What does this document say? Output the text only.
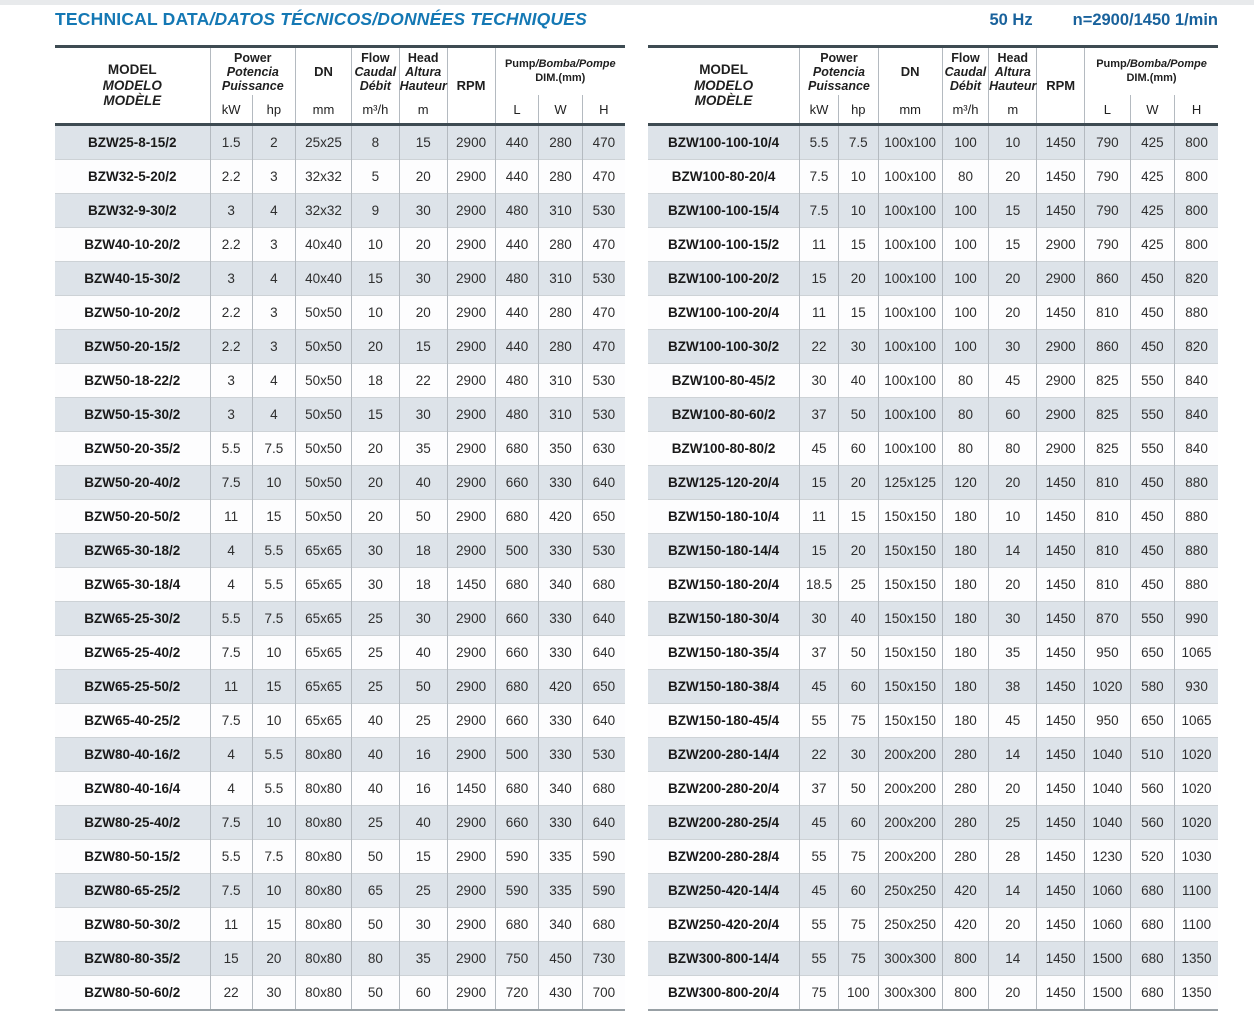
TECHNICAL DATA/DATOS TÉCNICOS/DONNÉES TECHNIQUES	50 Hz n=2900/1450 1/min
MODEL
MODELO
MODÈLE	Power
Potencia
Puissance		DN	Flow
Caudal
Débit	Head
Altura
Hauteur	RPM	Pump/Bomba/Pompe
DIM.(mm)		

	kW	hp	mm	m³/h	m		L	W	H
BZW25-8-15/2	1.5	2	25x25	8	15	2900	440	280	470
BZW32-5-20/2	2.2	3	32x32	5	20	2900	440	280	470
BZW32-9-30/2	3	4	32x32	9	30	2900	480	310	530
BZW40-10-20/2	2.2	3	40x40	10	20	2900	440	280	470
BZW40-15-30/2	3	4	40x40	15	30	2900	480	310	530
BZW50-10-20/2	2.2	3	50x50	10	20	2900	440	280	470
BZW50-20-15/2	2.2	3	50x50	20	15	2900	440	280	470
BZW50-18-22/2	3	4	50x50	18	22	2900	480	310	530
BZW50-15-30/2	3	4	50x50	15	30	2900	480	310	530
BZW50-20-35/2	5.5	7.5	50x50	20	35	2900	680	350	630
BZW50-20-40/2	7.5	10	50x50	20	40	2900	660	330	640
BZW50-20-50/2	11	15	50x50	20	50	2900	680	420	650
BZW65-30-18/2	4	5.5	65x65	30	18	2900	500	330	530
BZW65-30-18/4	4	5.5	65x65	30	18	1450	680	340	680
BZW65-25-30/2	5.5	7.5	65x65	25	30	2900	660	330	640
BZW65-25-40/2	7.5	10	65x65	25	40	2900	660	330	640
BZW65-25-50/2	11	15	65x65	25	50	2900	680	420	650
BZW65-40-25/2	7.5	10	65x65	40	25	2900	660	330	640
BZW80-40-16/2	4	5.5	80x80	40	16	2900	500	330	530
BZW80-40-16/4	4	5.5	80x80	40	16	1450	680	340	680
BZW80-25-40/2	7.5	10	80x80	25	40	2900	660	330	640
BZW80-50-15/2	5.5	7.5	80x80	50	15	2900	590	335	590
BZW80-65-25/2	7.5	10	80x80	65	25	2900	590	335	590
BZW80-50-30/2	11	15	80x80	50	30	2900	680	340	680
BZW80-80-35/2	15	20	80x80	80	35	2900	750	450	730
BZW80-50-60/2	22	30	80x80	50	60	2900	720	430	700
MODEL
MODELO
MODÈLE	Power
Potencia
Puissance		DN	Flow
Caudal
Débit	Head
Altura
Hauteur	RPM	Pump/Bomba/Pompe
DIM.(mm)		

	kW	hp	mm	m³/h	m		L	W	H
BZW100-100-10/4	5.5	7.5	100x100	100	10	1450	790	425	800
BZW100-80-20/4	7.5	10	100x100	80	20	1450	790	425	800
BZW100-100-15/4	7.5	10	100x100	100	15	1450	790	425	800
BZW100-100-15/2	11	15	100x100	100	15	2900	790	425	800
BZW100-100-20/2	15	20	100x100	100	20	2900	860	450	820
BZW100-100-20/4	11	15	100x100	100	20	1450	810	450	880
BZW100-100-30/2	22	30	100x100	100	30	2900	860	450	820
BZW100-80-45/2	30	40	100x100	80	45	2900	825	550	840
BZW100-80-60/2	37	50	100x100	80	60	2900	825	550	840
BZW100-80-80/2	45	60	100x100	80	80	2900	825	550	840
BZW125-120-20/4	15	20	125x125	120	20	1450	810	450	880
BZW150-180-10/4	11	15	150x150	180	10	1450	810	450	880
BZW150-180-14/4	15	20	150x150	180	14	1450	810	450	880
BZW150-180-20/4	18.5	25	150x150	180	20	1450	810	450	880
BZW150-180-30/4	30	40	150x150	180	30	1450	870	550	990
BZW150-180-35/4	37	50	150x150	180	35	1450	950	650	1065
BZW150-180-38/4	45	60	150x150	180	38	1450	1020	580	930
BZW150-180-45/4	55	75	150x150	180	45	1450	950	650	1065
BZW200-280-14/4	22	30	200x200	280	14	1450	1040	510	1020
BZW200-280-20/4	37	50	200x200	280	20	1450	1040	560	1020
BZW200-280-25/4	45	60	200x200	280	25	1450	1040	560	1020
BZW200-280-28/4	55	75	200x200	280	28	1450	1230	520	1030
BZW250-420-14/4	45	60	250x250	420	14	1450	1060	680	1100
BZW250-420-20/4	55	75	250x250	420	20	1450	1060	680	1100
BZW300-800-14/4	55	75	300x300	800	14	1450	1500	680	1350
BZW300-800-20/4	75	100	300x300	800	20	1450	1500	680	1350
